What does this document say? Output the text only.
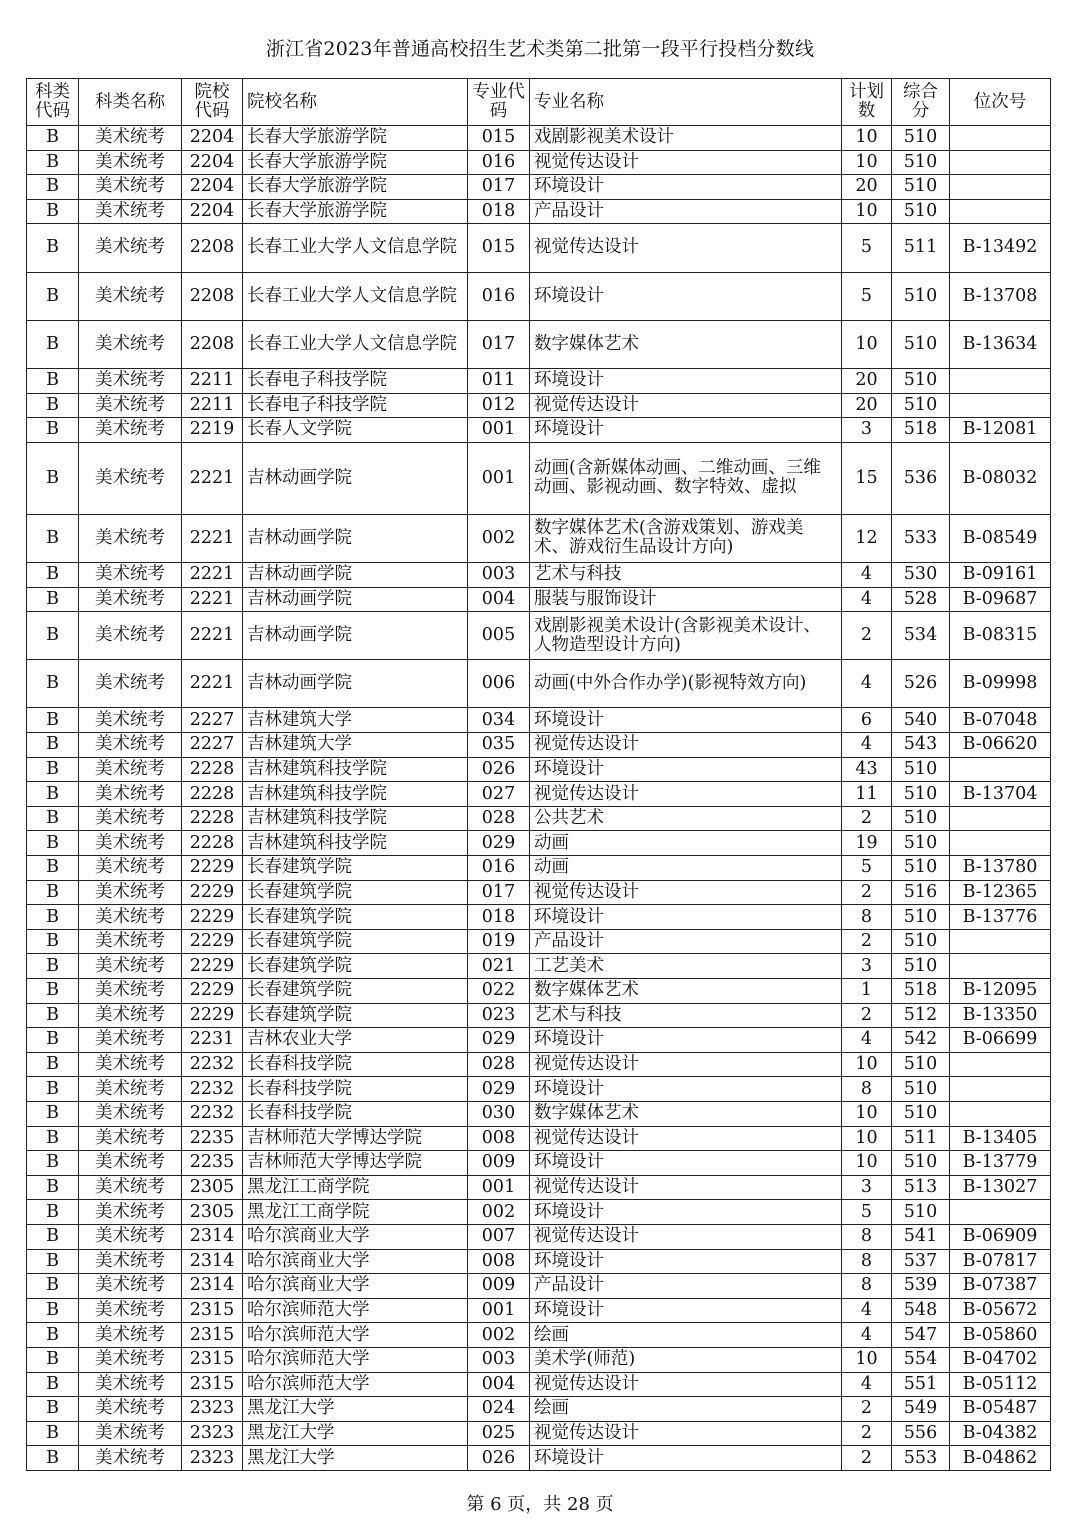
浙江省2023年普通高校招生艺术类第二批第一段平行投档分数线
科类代码	科类名称	院校代码	院校名称	专业代码	专业名称	计划数	综合分	位次号
B	美术统考	2204	长春大学旅游学院	015	戏剧影视美术设计	10	510	
B	美术统考	2204	长春大学旅游学院	016	视觉传达设计	10	510	
B	美术统考	2204	长春大学旅游学院	017	环境设计	20	510	
B	美术统考	2204	长春大学旅游学院	018	产品设计	10	510	
B	美术统考	2208	长春工业大学人文信息学院	015	视觉传达设计	5	511	B-13492
B	美术统考	2208	长春工业大学人文信息学院	016	环境设计	5	510	B-13708
B	美术统考	2208	长春工业大学人文信息学院	017	数字媒体艺术	10	510	B-13634
B	美术统考	2211	长春电子科技学院	011	环境设计	20	510	
B	美术统考	2211	长春电子科技学院	012	视觉传达设计	20	510	
B	美术统考	2219	长春人文学院	001	环境设计	3	518	B-12081
B	美术统考	2221	吉林动画学院	001	动画(含新媒体动画、二维动画、三维动画、影视动画、数字特效、虚拟	15	536	B-08032
B	美术统考	2221	吉林动画学院	002	数字媒体艺术(含游戏策划、游戏美术、游戏衍生品设计方向)	12	533	B-08549
B	美术统考	2221	吉林动画学院	003	艺术与科技	4	530	B-09161
B	美术统考	2221	吉林动画学院	004	服装与服饰设计	4	528	B-09687
B	美术统考	2221	吉林动画学院	005	戏剧影视美术设计(含影视美术设计、人物造型设计方向)	2	534	B-08315
B	美术统考	2221	吉林动画学院	006	动画(中外合作办学)(影视特效方向)	4	526	B-09998
B	美术统考	2227	吉林建筑大学	034	环境设计	6	540	B-07048
B	美术统考	2227	吉林建筑大学	035	视觉传达设计	4	543	B-06620
B	美术统考	2228	吉林建筑科技学院	026	环境设计	43	510	
B	美术统考	2228	吉林建筑科技学院	027	视觉传达设计	11	510	B-13704
B	美术统考	2228	吉林建筑科技学院	028	公共艺术	2	510	
B	美术统考	2228	吉林建筑科技学院	029	动画	19	510	
B	美术统考	2229	长春建筑学院	016	动画	5	510	B-13780
B	美术统考	2229	长春建筑学院	017	视觉传达设计	2	516	B-12365
B	美术统考	2229	长春建筑学院	018	环境设计	8	510	B-13776
B	美术统考	2229	长春建筑学院	019	产品设计	2	510	
B	美术统考	2229	长春建筑学院	021	工艺美术	3	510	
B	美术统考	2229	长春建筑学院	022	数字媒体艺术	1	518	B-12095
B	美术统考	2229	长春建筑学院	023	艺术与科技	2	512	B-13350
B	美术统考	2231	吉林农业大学	029	环境设计	4	542	B-06699
B	美术统考	2232	长春科技学院	028	视觉传达设计	10	510	
B	美术统考	2232	长春科技学院	029	环境设计	8	510	
B	美术统考	2232	长春科技学院	030	数字媒体艺术	10	510	
B	美术统考	2235	吉林师范大学博达学院	008	视觉传达设计	10	511	B-13405
B	美术统考	2235	吉林师范大学博达学院	009	环境设计	10	510	B-13779
B	美术统考	2305	黑龙江工商学院	001	视觉传达设计	3	513	B-13027
B	美术统考	2305	黑龙江工商学院	002	环境设计	5	510	
B	美术统考	2314	哈尔滨商业大学	007	视觉传达设计	8	541	B-06909
B	美术统考	2314	哈尔滨商业大学	008	环境设计	8	537	B-07817
B	美术统考	2314	哈尔滨商业大学	009	产品设计	8	539	B-07387
B	美术统考	2315	哈尔滨师范大学	001	环境设计	4	548	B-05672
B	美术统考	2315	哈尔滨师范大学	002	绘画	4	547	B-05860
B	美术统考	2315	哈尔滨师范大学	003	美术学(师范)	10	554	B-04702
B	美术统考	2315	哈尔滨师范大学	004	视觉传达设计	4	551	B-05112
B	美术统考	2323	黑龙江大学	024	绘画	2	549	B-05487
B	美术统考	2323	黑龙江大学	025	视觉传达设计	2	556	B-04382
B	美术统考	2323	黑龙江大学	026	环境设计	2	553	B-04862
第 6 页，共 28 页
